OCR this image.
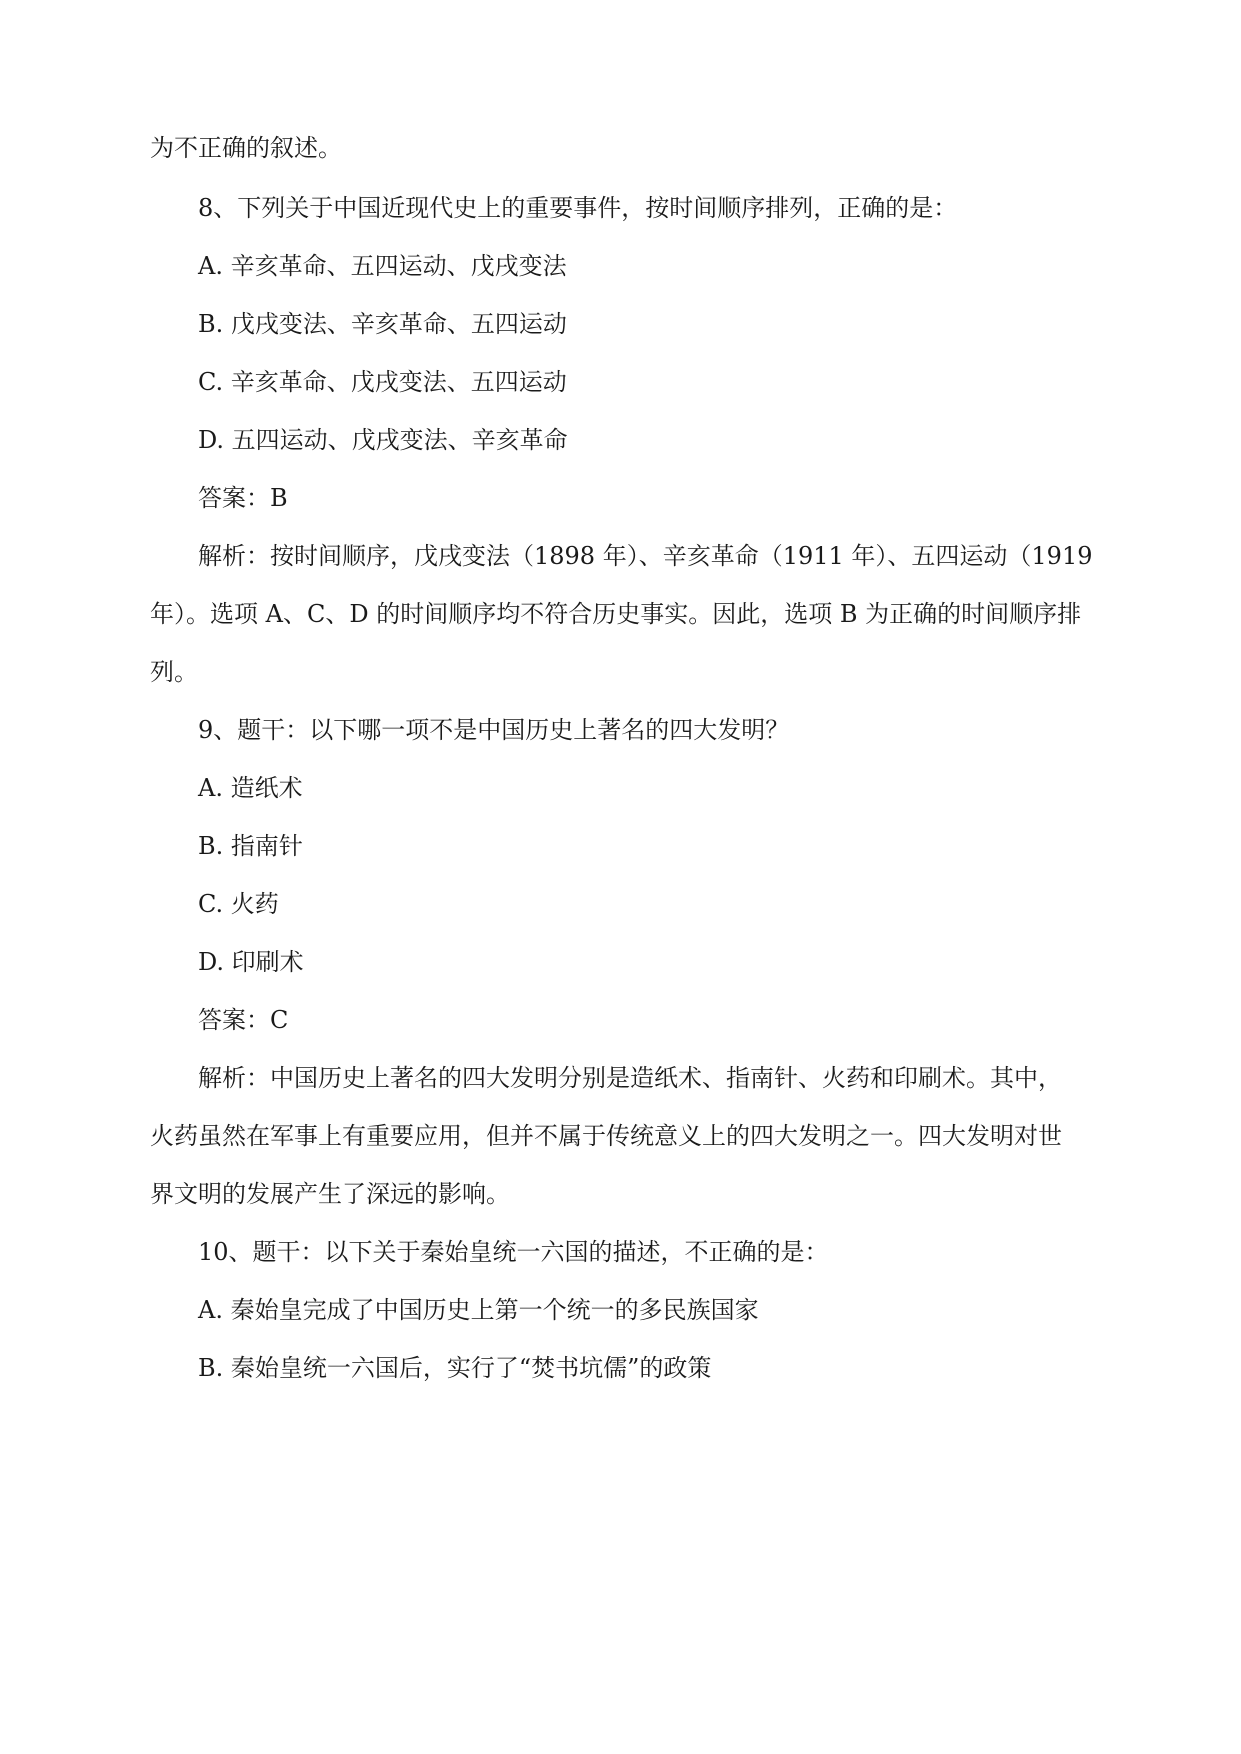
为不正确的叙述。
8、下列关于中国近现代史上的重要事件，按时间顺序排列，正确的是：
A. 辛亥革命、五四运动、戊戌变法
B. 戊戌变法、辛亥革命、五四运动
C. 辛亥革命、戊戌变法、五四运动
D. 五四运动、戊戌变法、辛亥革命
答案：B
解析：按时间顺序，戊戌变法（1898 年）、辛亥革命（1911 年）、五四运动（1919
年）。选项 A、C、D 的时间顺序均不符合历史事实。因此，选项 B 为正确的时间顺序排
列。
9、题干：以下哪一项不是中国历史上著名的四大发明？
A. 造纸术
B. 指南针
C. 火药
D. 印刷术
答案：C
解析：中国历史上著名的四大发明分别是造纸术、指南针、火药和印刷术。其中，
火药虽然在军事上有重要应用，但并不属于传统意义上的四大发明之一。四大发明对世
界文明的发展产生了深远的影响。
10、题干：以下关于秦始皇统一六国的描述，不正确的是：
A. 秦始皇完成了中国历史上第一个统一的多民族国家
B. 秦始皇统一六国后，实行了“焚书坑儒”的政策
